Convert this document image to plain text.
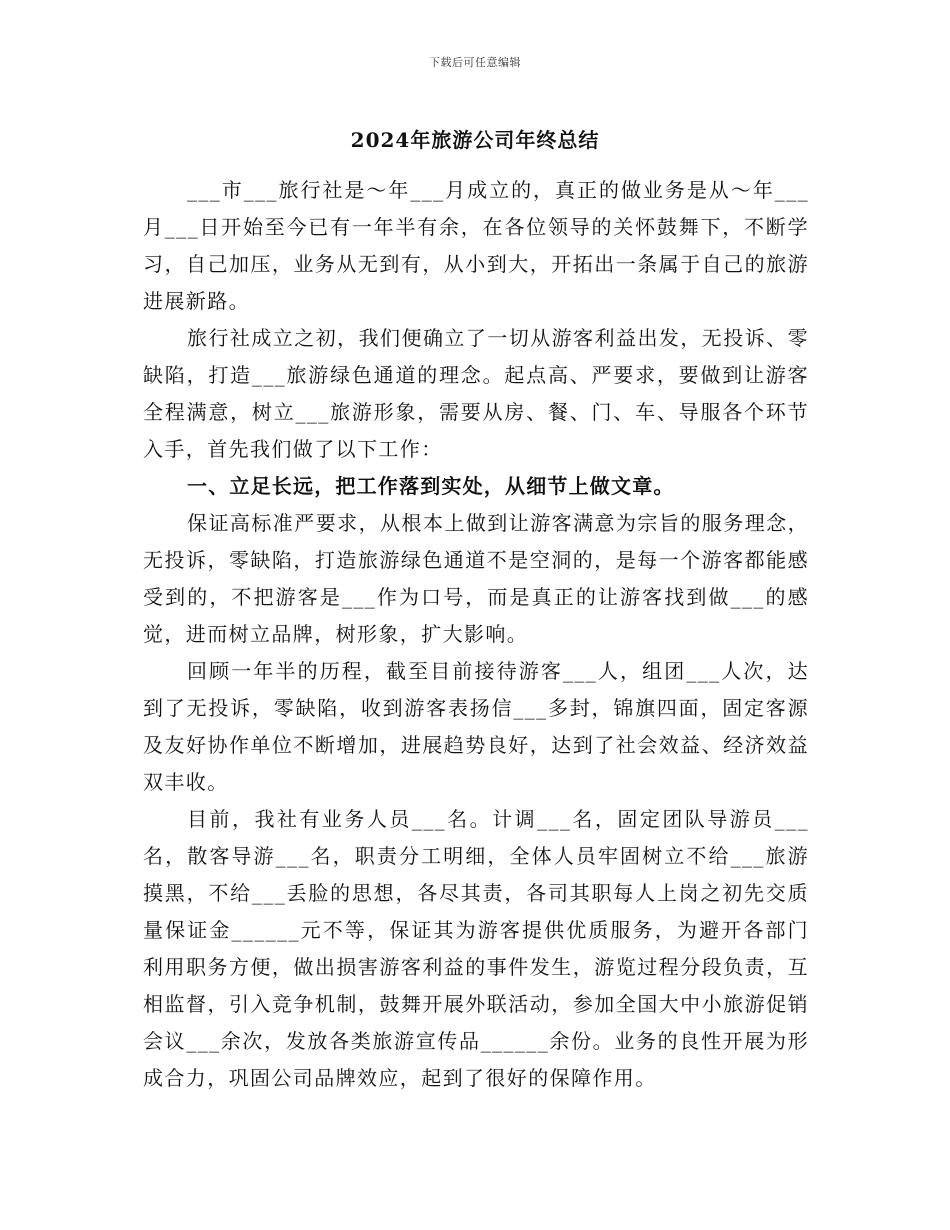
下载后可任意编辑
2024年旅游公司年终总结

___市___旅行社是～年___月成立的，真正的做业务是从～年___月___日开始至今已有一年半有余，在各位领导的关怀鼓舞下，不断学习，自己加压，业务从无到有，从小到大，开拓出一条属于自己的旅游进展新路。

旅行社成立之初，我们便确立了一切从游客利益出发，无投诉、零缺陷，打造___旅游绿色通道的理念。起点高、严要求，要做到让游客全程满意，树立___旅游形象，需要从房、餐、门、车、导服各个环节入手，首先我们做了以下工作：

一、立足长远，把工作落到实处，从细节上做文章。

保证高标准严要求，从根本上做到让游客满意为宗旨的服务理念，无投诉，零缺陷，打造旅游绿色通道不是空洞的，是每一个游客都能感受到的，不把游客是___作为口号，而是真正的让游客找到做___的感觉，进而树立品牌，树形象，扩大影响。

回顾一年半的历程，截至目前接待游客___人，组团___人次，达到了无投诉，零缺陷，收到游客表扬信___多封，锦旗四面，固定客源及友好协作单位不断增加，进展趋势良好，达到了社会效益、经济效益双丰收。

目前，我社有业务人员___名。计调___名，固定团队导游员___名，散客导游___名，职责分工明细，全体人员牢固树立不给___旅游摸黑，不给___丢脸的思想，各尽其责，各司其职每人上岗之初先交质量保证金______元不等，保证其为游客提供优质服务，为避开各部门利用职务方便，做出损害游客利益的事件发生，游览过程分段负责，互相监督，引入竞争机制，鼓舞开展外联活动，参加全国大中小旅游促销会议___余次，发放各类旅游宣传品______余份。业务的良性开展为形成合力，巩固公司品牌效应，起到了很好的保障作用。
